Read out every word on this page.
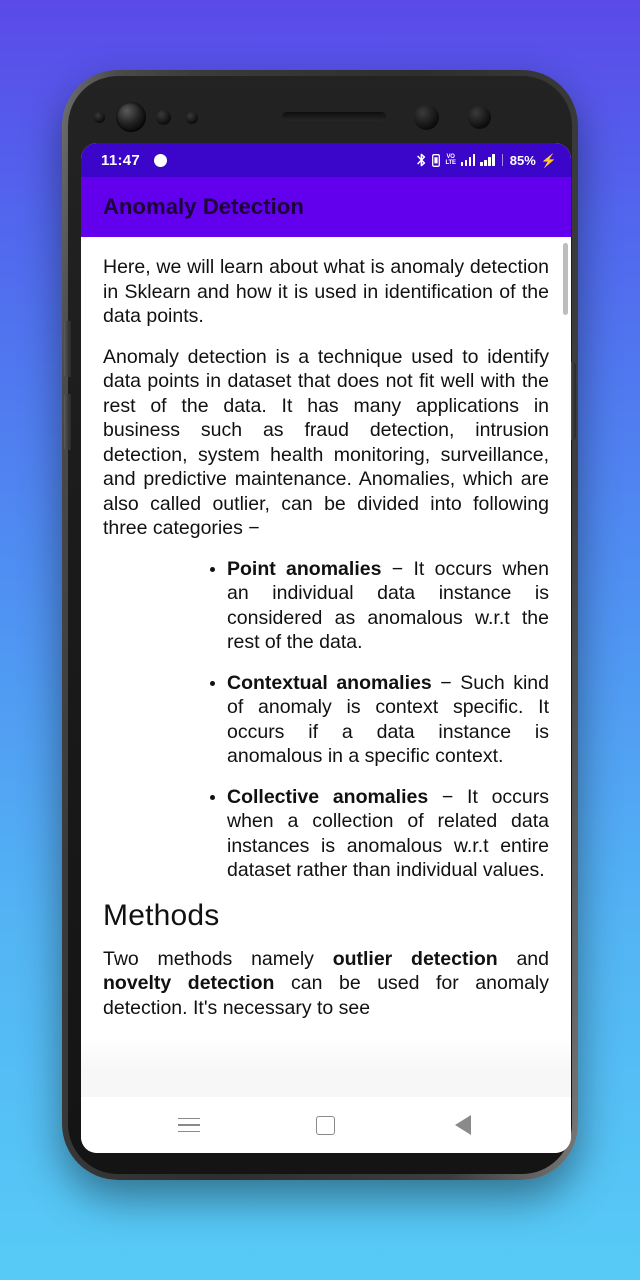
11:47	VO
LTE	85% ⚡
Anomaly Detection

Here, we will learn about what is anomaly detection in Sklearn and how it is used in identification of the data points.

Anomaly detection is a technique used to identify data points in dataset that does not fit well with the rest of the data. It has many applications in business such as fraud detection, intrusion detection, system health monitoring, surveillance, and predictive maintenance. Anomalies, which are also called outlier, can be divided into following three categories −

• Point anomalies − It occurs when an individual data instance is considered as anomalous w.r.t the rest of the data.
• Contextual anomalies − Such kind of anomaly is context specific. It occurs if a data instance is anomalous in a specific context.
• Collective anomalies − It occurs when a collection of related data instances is anomalous w.r.t entire dataset rather than individual values.
Methods

Two methods namely outlier detection and novelty detection can be used for anomaly detection. It's necessary to see
